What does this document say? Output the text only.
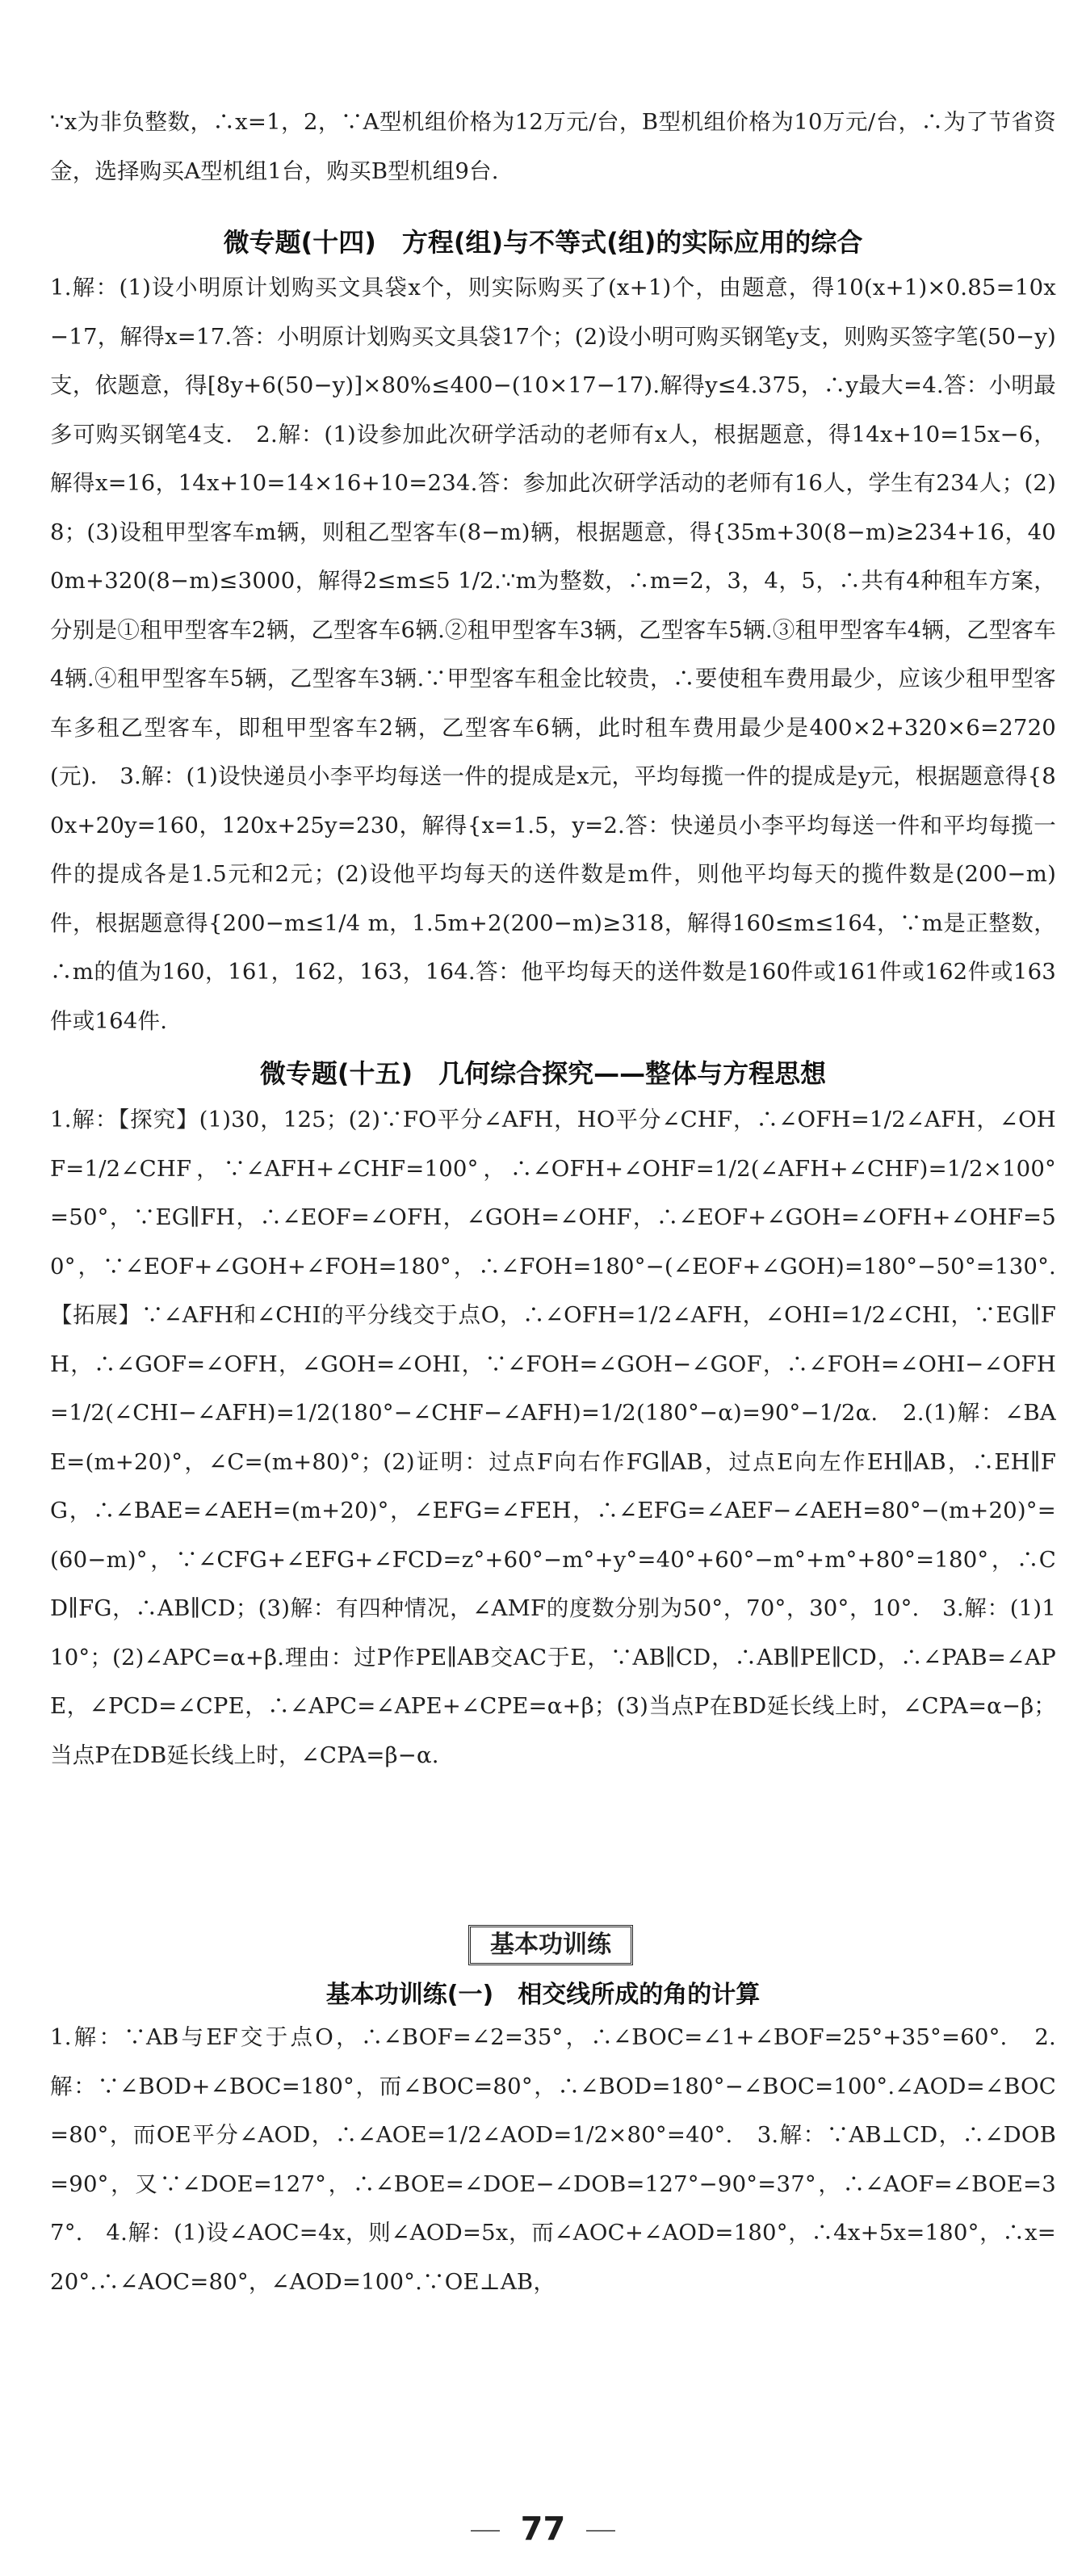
∵x为非负整数，∴x=1，2，∵A型机组价格为12万元/台，B型机组价格为10万元/台，∴为了节省资金，选择购买A型机组1台，购买B型机组9台.
微专题(十四)　方程(组)与不等式(组)的实际应用的综合
1.解：(1)设小明原计划购买文具袋x个，则实际购买了(x+1)个，由题意，得10(x+1)×0.85=10x−17，解得x=17.答：小明原计划购买文具袋17个；(2)设小明可购买钢笔y支，则购买签字笔(50−y)支，依题意，得[8y+6(50−y)]×80%≤400−(10×17−17).解得y≤4.375，∴y最大=4.答：小明最多可购买钢笔4支.　2.解：(1)设参加此次研学活动的老师有x人，根据题意，得14x+10=15x−6，解得x=16，14x+10=14×16+10=234.答：参加此次研学活动的老师有16人，学生有234人；(2)8；(3)设租甲型客车m辆，则租乙型客车(8−m)辆，根据题意，得{35m+30(8−m)≥234+16，400m+320(8−m)≤3000，解得2≤m≤5 1/2.∵m为整数，∴m=2，3，4，5，∴共有4种租车方案，分别是①租甲型客车2辆，乙型客车6辆.②租甲型客车3辆，乙型客车5辆.③租甲型客车4辆，乙型客车4辆.④租甲型客车5辆，乙型客车3辆.∵甲型客车租金比较贵，∴要使租车费用最少，应该少租甲型客车多租乙型客车，即租甲型客车2辆，乙型客车6辆，此时租车费用最少是400×2+320×6=2720(元).　3.解：(1)设快递员小李平均每送一件的提成是x元，平均每揽一件的提成是y元，根据题意得{80x+20y=160，120x+25y=230，解得{x=1.5，y=2.答：快递员小李平均每送一件和平均每揽一件的提成各是1.5元和2元；(2)设他平均每天的送件数是m件，则他平均每天的揽件数是(200−m)件，根据题意得{200−m≤1/4 m，1.5m+2(200−m)≥318，解得160≤m≤164，∵m是正整数，∴m的值为160，161，162，163，164.答：他平均每天的送件数是160件或161件或162件或163件或164件.
微专题(十五)　几何综合探究——整体与方程思想
1.解：【探究】(1)30，125；(2)∵FO平分∠AFH，HO平分∠CHF，∴∠OFH=1/2∠AFH，∠OHF=1/2∠CHF，∵∠AFH+∠CHF=100°，∴∠OFH+∠OHF=1/2(∠AFH+∠CHF)=1/2×100°=50°，∵EG∥FH，∴∠EOF=∠OFH，∠GOH=∠OHF，∴∠EOF+∠GOH=∠OFH+∠OHF=50°，∵∠EOF+∠GOH+∠FOH=180°，∴∠FOH=180°−(∠EOF+∠GOH)=180°−50°=130°.【拓展】∵∠AFH和∠CHI的平分线交于点O，∴∠OFH=1/2∠AFH，∠OHI=1/2∠CHI，∵EG∥FH，∴∠GOF=∠OFH，∠GOH=∠OHI，∵∠FOH=∠GOH−∠GOF，∴∠FOH=∠OHI−∠OFH=1/2(∠CHI−∠AFH)=1/2(180°−∠CHF−∠AFH)=1/2(180°−α)=90°−1/2α.　2.(1)解：∠BAE=(m+20)°，∠C=(m+80)°；(2)证明：过点F向右作FG∥AB，过点E向左作EH∥AB，∴EH∥FG，∴∠BAE=∠AEH=(m+20)°，∠EFG=∠FEH，∴∠EFG=∠AEF−∠AEH=80°−(m+20)°=(60−m)°，∵∠CFG+∠EFG+∠FCD=z°+60°−m°+y°=40°+60°−m°+m°+80°=180°，∴CD∥FG，∴AB∥CD；(3)解：有四种情况，∠AMF的度数分别为50°，70°，30°，10°.　3.解：(1)110°；(2)∠APC=α+β.理由：过P作PE∥AB交AC于E，∵AB∥CD，∴AB∥PE∥CD，∴∠PAB=∠APE，∠PCD=∠CPE，∴∠APC=∠APE+∠CPE=α+β；(3)当点P在BD延长线上时，∠CPA=α−β；当点P在DB延长线上时，∠CPA=β−α.
基本功训练
基本功训练(一)　相交线所成的角的计算
1.解：∵AB与EF交于点O，∴∠BOF=∠2=35°，∴∠BOC=∠1+∠BOF=25°+35°=60°.　2.解：∵∠BOD+∠BOC=180°，而∠BOC=80°，∴∠BOD=180°−∠BOC=100°.∠AOD=∠BOC=80°，而OE平分∠AOD，∴∠AOE=1/2∠AOD=1/2×80°=40°.　3.解：∵AB⊥CD，∴∠DOB=90°，又∵∠DOE=127°，∴∠BOE=∠DOE−∠DOB=127°−90°=37°，∴∠AOF=∠BOE=37°.　4.解：(1)设∠AOC=4x，则∠AOD=5x，而∠AOC+∠AOD=180°，∴4x+5x=180°，∴x=20°.∴∠AOC=80°，∠AOD=100°.∵OE⊥AB，
77
